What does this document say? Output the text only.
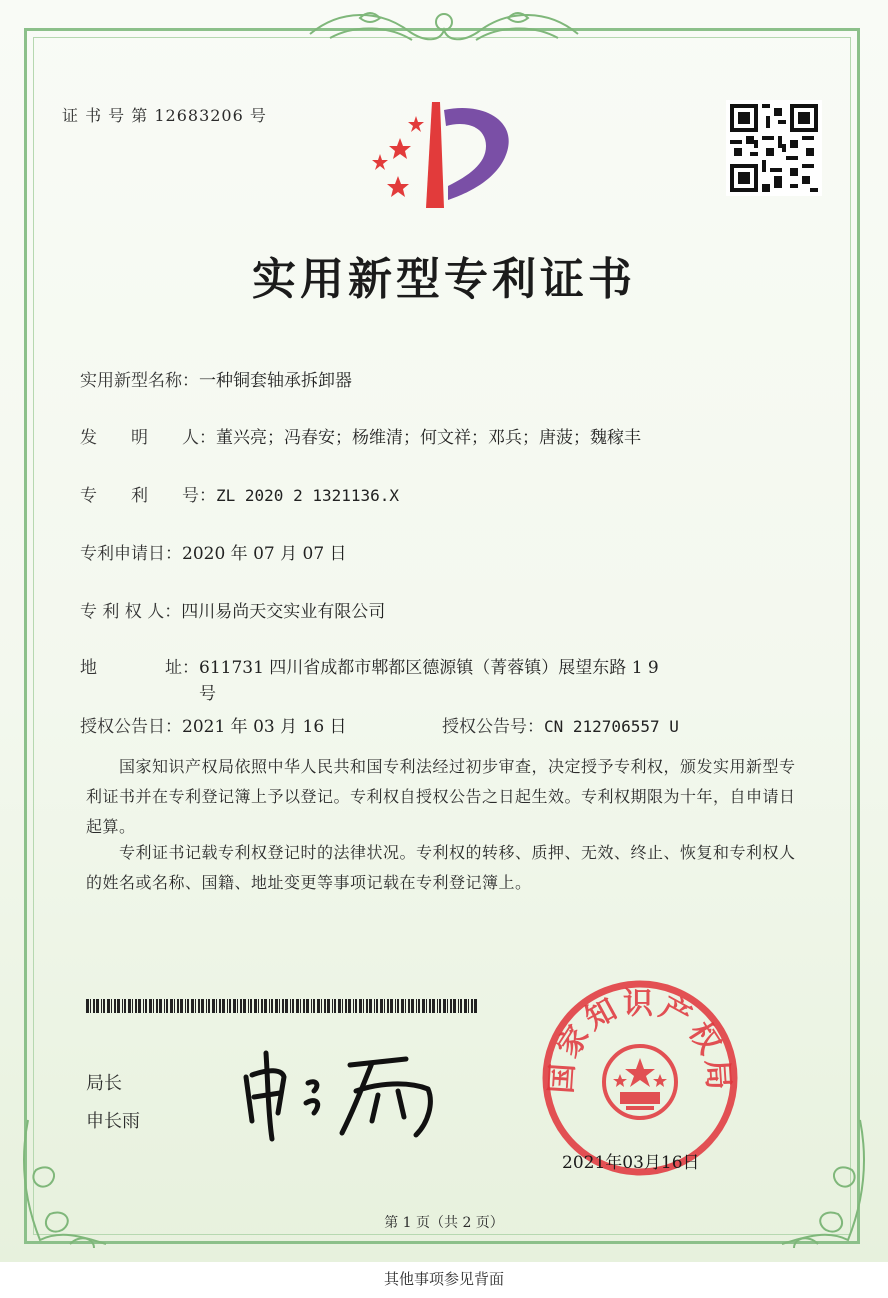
证 书 号 第 12683206 号
实用新型专利证书
实用新型名称：一种铜套轴承拆卸器
发　　明　　人：董兴亮；冯春安；杨维清；何文祥；邓兵；唐菠；魏稼丰
专　　利　　号：ZL 2020 2 1321136.X
专利申请日：2020 年 07 月 07 日
专 利 权 人：四川易尚天交实业有限公司
地　　　　址：611731 四川省成都市郫都区德源镇（菁蓉镇）展望东路 1 9 号
授权公告日：2021 年 03 月 16 日	授权公告号：CN 212706557 U
国家知识产权局依照中华人民共和国专利法经过初步审查，决定授予专利权，颁发实用新型专利证书并在专利登记簿上予以登记。专利权自授权公告之日起生效。专利权期限为十年，自申请日起算。
专利证书记载专利权登记时的法律状况。专利权的转移、质押、无效、终止、恢复和专利权人的姓名或名称、国籍、地址变更等事项记载在专利登记簿上。
局长
申长雨
国家知识产权局
2021年03月16日
第 1 页（共 2 页）
其他事项参见背面
